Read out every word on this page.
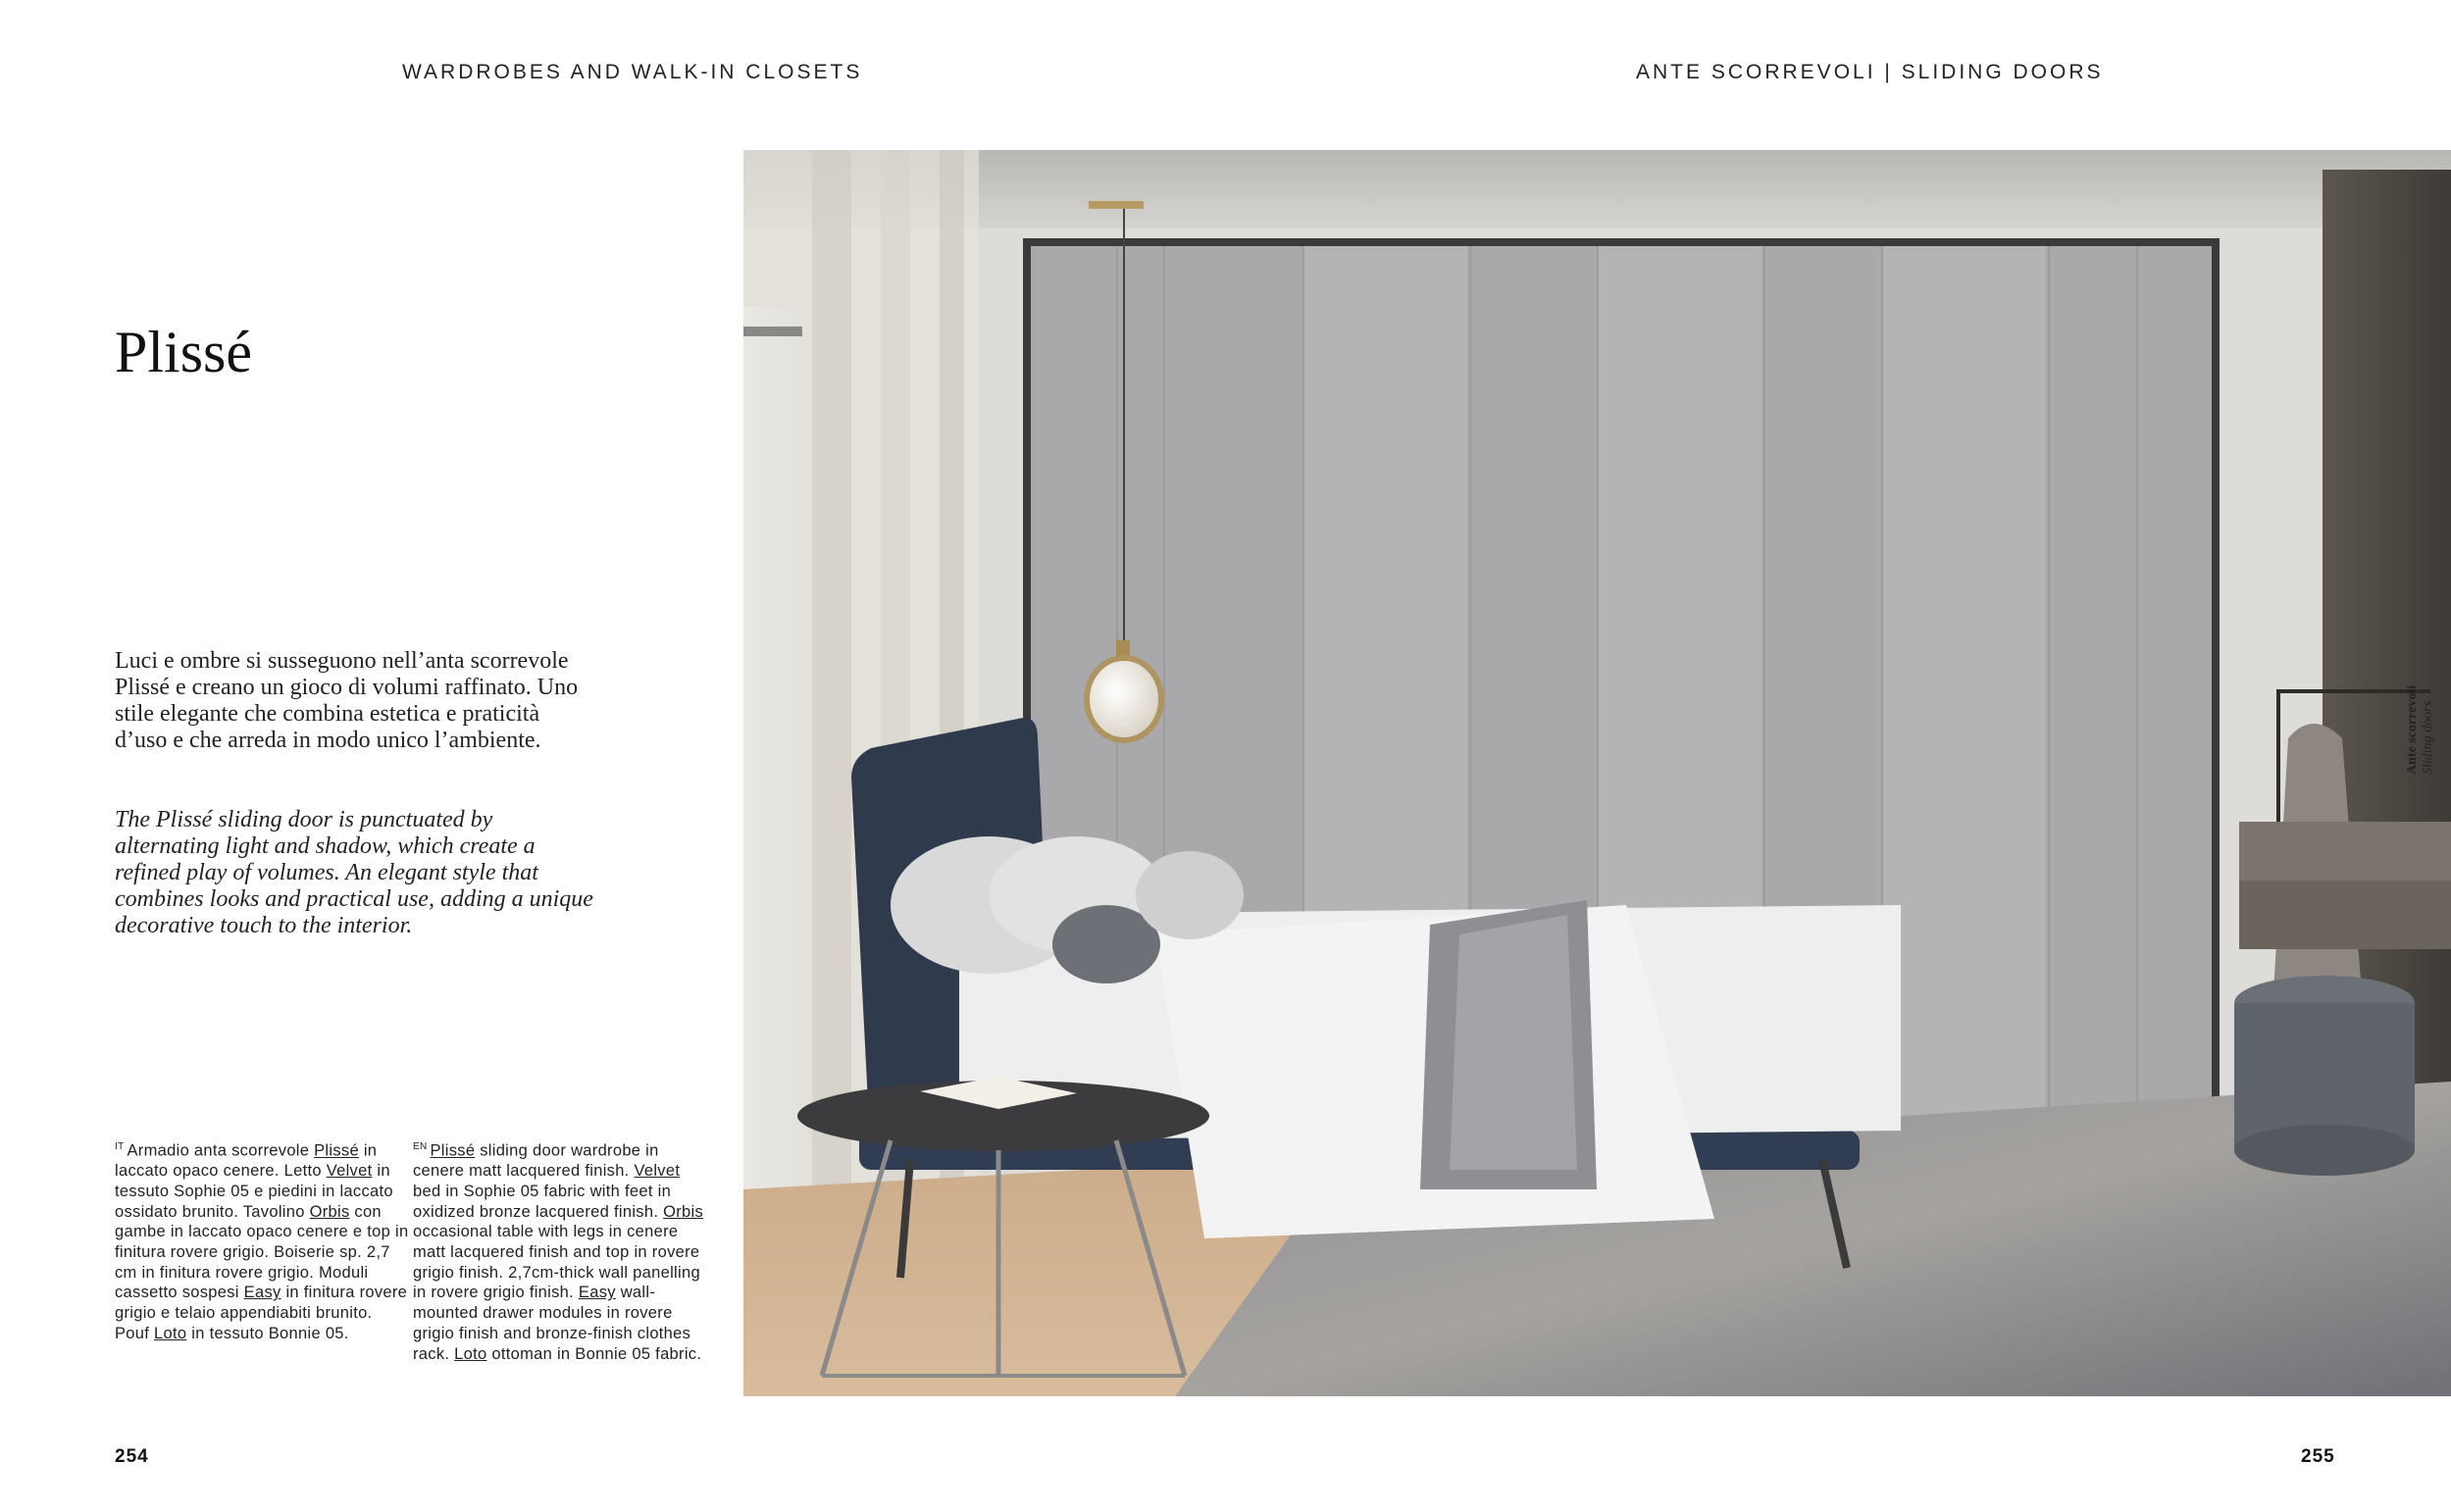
WARDROBES AND WALK-IN CLOSETS	ANTE SCORREVOLI | SLIDING DOORS
Plissé

Luci e ombre si susseguono nell’anta scorrevole Plissé e creano un gioco di volumi raffinato. Uno stile elegante che combina estetica e praticità d’uso e che arreda in modo unico l’ambiente.

The Plissé sliding door is punctuated by alternating light and shadow, which create a refined play of volumes. An elegant style that combines looks and practical use, adding a unique decorative touch to the interior.

$^{IT}$ Armadio anta scorrevole Plissé in laccato opaco cenere. Letto Velvet in tessuto Sophie 05 e piedini in laccato ossidato brunito. Tavolino Orbis con gambe in laccato opaco cenere e top in finitura rovere grigio. Boiserie sp. 2,7 cm in finitura rovere grigio. Moduli cassetto sospesi Easy in finitura rovere grigio e telaio appendiabiti brunito. Pouf Loto in tessuto Bonnie 05.

$^{EN}$ Plissé sliding door wardrobe in cenere matt lacquered finish. Velvet bed in Sophie 05 fabric with feet in oxidized bronze lacquered finish. Orbis occasional table with legs in cenere matt lacquered finish and top in rovere grigio finish. 2,7cm-thick wall panelling in rovere grigio finish. Easy wall-mounted drawer modules in rovere grigio finish and bronze-finish clothes rack. Loto ottoman in Bonnie 05 fabric.

254	255
Ante scorrevoli Sliding doors
